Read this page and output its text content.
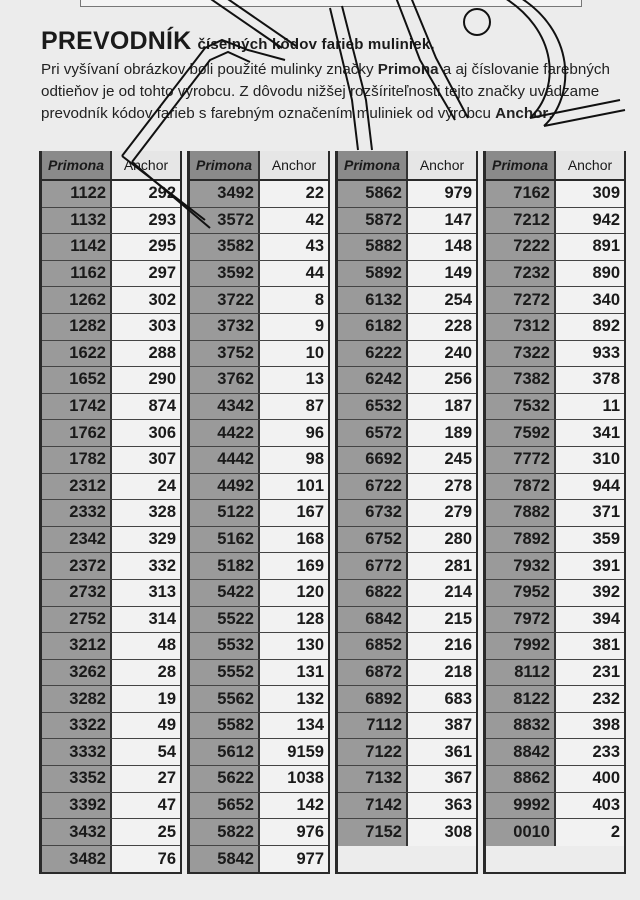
PREVODNÍK číselných kódov farieb muliniek.

Pri vyšívaní obrázkov boli použité mulinky značky Primona a aj číslovanie farebných odtieňov je od tohto výrobcu. Z dôvodu nižšej rozšíriteľnosti tejto značky uvádzame prevodník kódov farieb s farebným označením muliniek od výrobcu Anchor.

Primona	Anchor
1122	292
1132	293
1142	295
1162	297
1262	302
1282	303
1622	288
1652	290
1742	874
1762	306
1782	307
2312	24
2332	328
2342	329
2372	332
2732	313
2752	314
3212	48
3262	28
3282	19
3322	49
3332	54
3352	27
3392	47
3432	25
3482	76
Primona	Anchor
3492	22
3572	42
3582	43
3592	44
3722	8
3732	9
3752	10
3762	13
4342	87
4422	96
4442	98
4492	101
5122	167
5162	168
5182	169
5422	120
5522	128
5532	130
5552	131
5562	132
5582	134
5612	9159
5622	1038
5652	142
5822	976
5842	977
Primona	Anchor
5862	979
5872	147
5882	148
5892	149
6132	254
6182	228
6222	240
6242	256
6532	187
6572	189
6692	245
6722	278
6732	279
6752	280
6772	281
6822	214
6842	215
6852	216
6872	218
6892	683
7112	387
7122	361
7132	367
7142	363
7152	308
Primona	Anchor
7162	309
7212	942
7222	891
7232	890
7272	340
7312	892
7322	933
7382	378
7532	11
7592	341
7772	310
7872	944
7882	371
7892	359
7932	391
7952	392
7972	394
7992	381
8112	231
8122	232
8832	398
8842	233
8862	400
9992	403
0010	2
